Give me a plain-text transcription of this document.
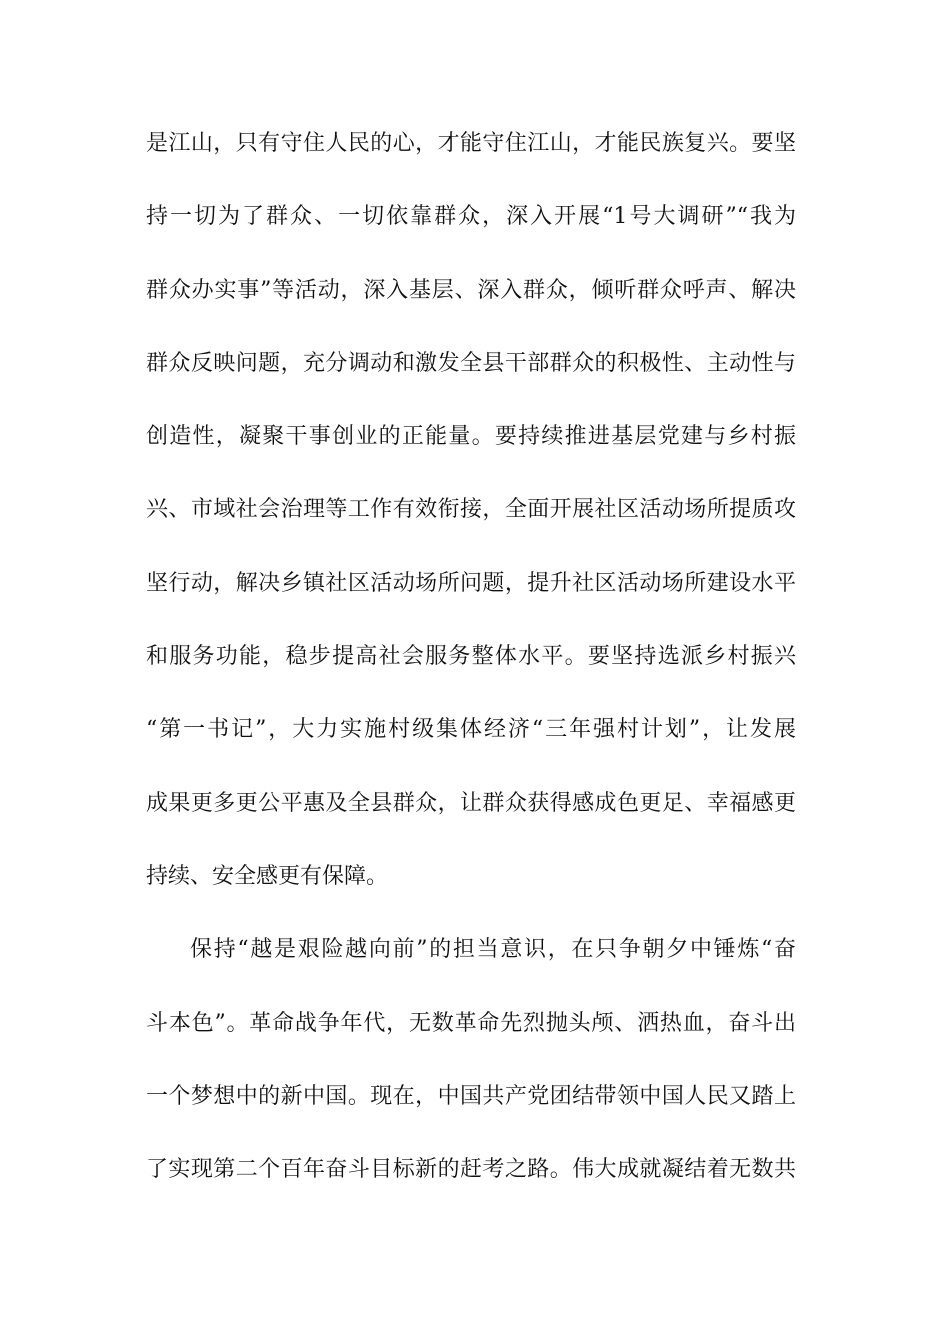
是江山，只有守住人民的心，才能守住江山，才能民族复兴。要坚
持一切为了群众、一切依靠群众，深入开展“1号大调研”“我为
群众办实事”等活动，深入基层、深入群众，倾听群众呼声、解决
群众反映问题，充分调动和激发全县干部群众的积极性、主动性与
创造性，凝聚干事创业的正能量。要持续推进基层党建与乡村振
兴、市域社会治理等工作有效衔接，全面开展社区活动场所提质攻
坚行动，解决乡镇社区活动场所问题，提升社区活动场所建设水平
和服务功能，稳步提高社会服务整体水平。要坚持选派乡村振兴
“第一书记”，大力实施村级集体经济“三年强村计划”，让发展
成果更多更公平惠及全县群众，让群众获得感成色更足、幸福感更
持续、安全感更有保障。
保持“越是艰险越向前”的担当意识，在只争朝夕中锤炼“奋
斗本色”。革命战争年代，无数革命先烈抛头颅、洒热血，奋斗出
一个梦想中的新中国。现在，中国共产党团结带领中国人民又踏上
了实现第二个百年奋斗目标新的赶考之路。伟大成就凝结着无数共
